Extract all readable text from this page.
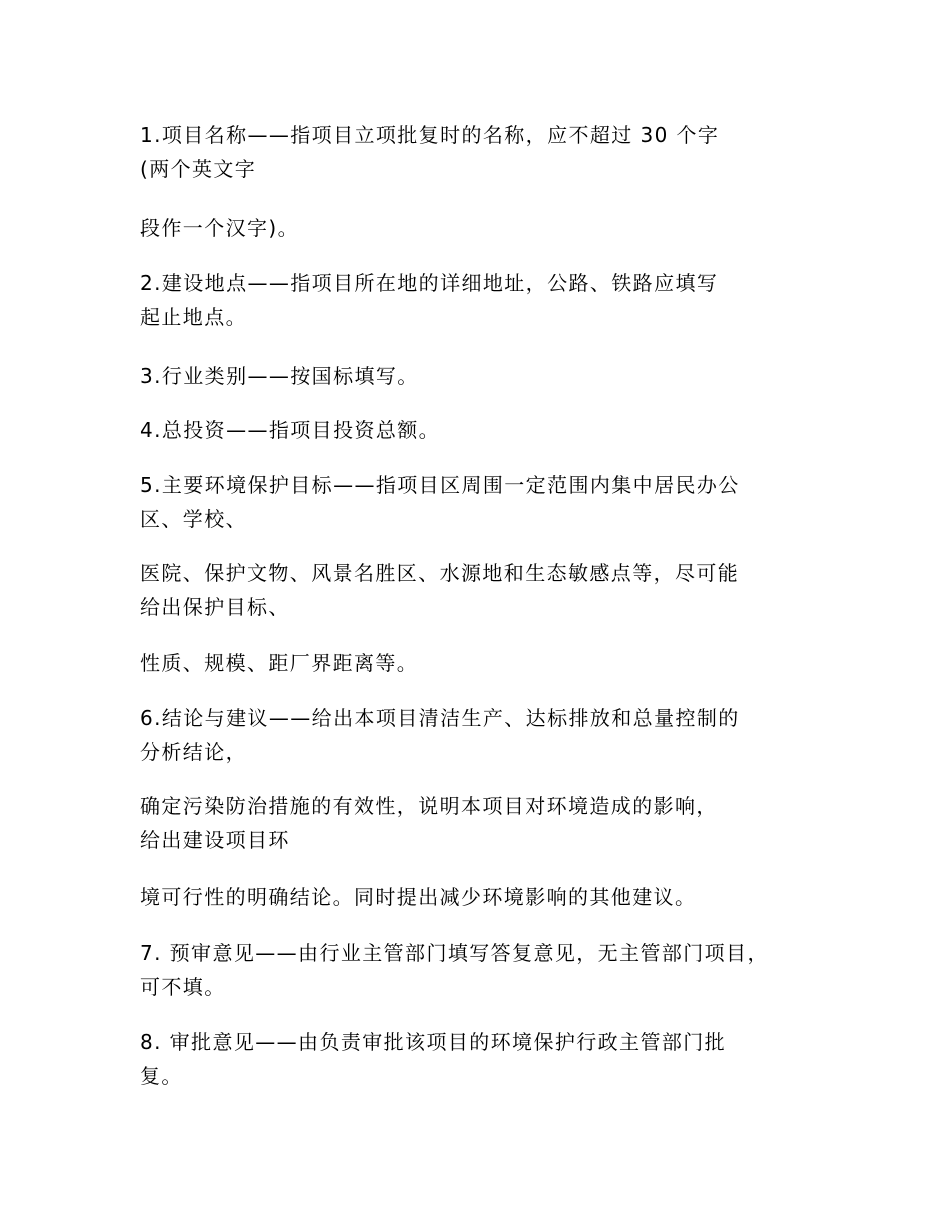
1.项目名称——指项目立项批复时的名称，应不超过 30 个字
(两个英文字
段作一个汉字)。
2.建设地点——指项目所在地的详细地址，公路、铁路应填写
起止地点。
3.行业类别——按国标填写。
4.总投资——指项目投资总额。
5.主要环境保护目标——指项目区周围一定范围内集中居民办公
区、学校、
医院、保护文物、风景名胜区、水源地和生态敏感点等，尽可能
给出保护目标、
性质、规模、距厂界距离等。
6.结论与建议——给出本项目清洁生产、达标排放和总量控制的
分析结论，
确定污染防治措施的有效性，说明本项目对环境造成的影响，
给出建设项目环
境可行性的明确结论。同时提出减少环境影响的其他建议。
7. 预审意见——由行业主管部门填写答复意见，无主管部门项目，
可不填。
8. 审批意见——由负责审批该项目的环境保护行政主管部门批
复。
